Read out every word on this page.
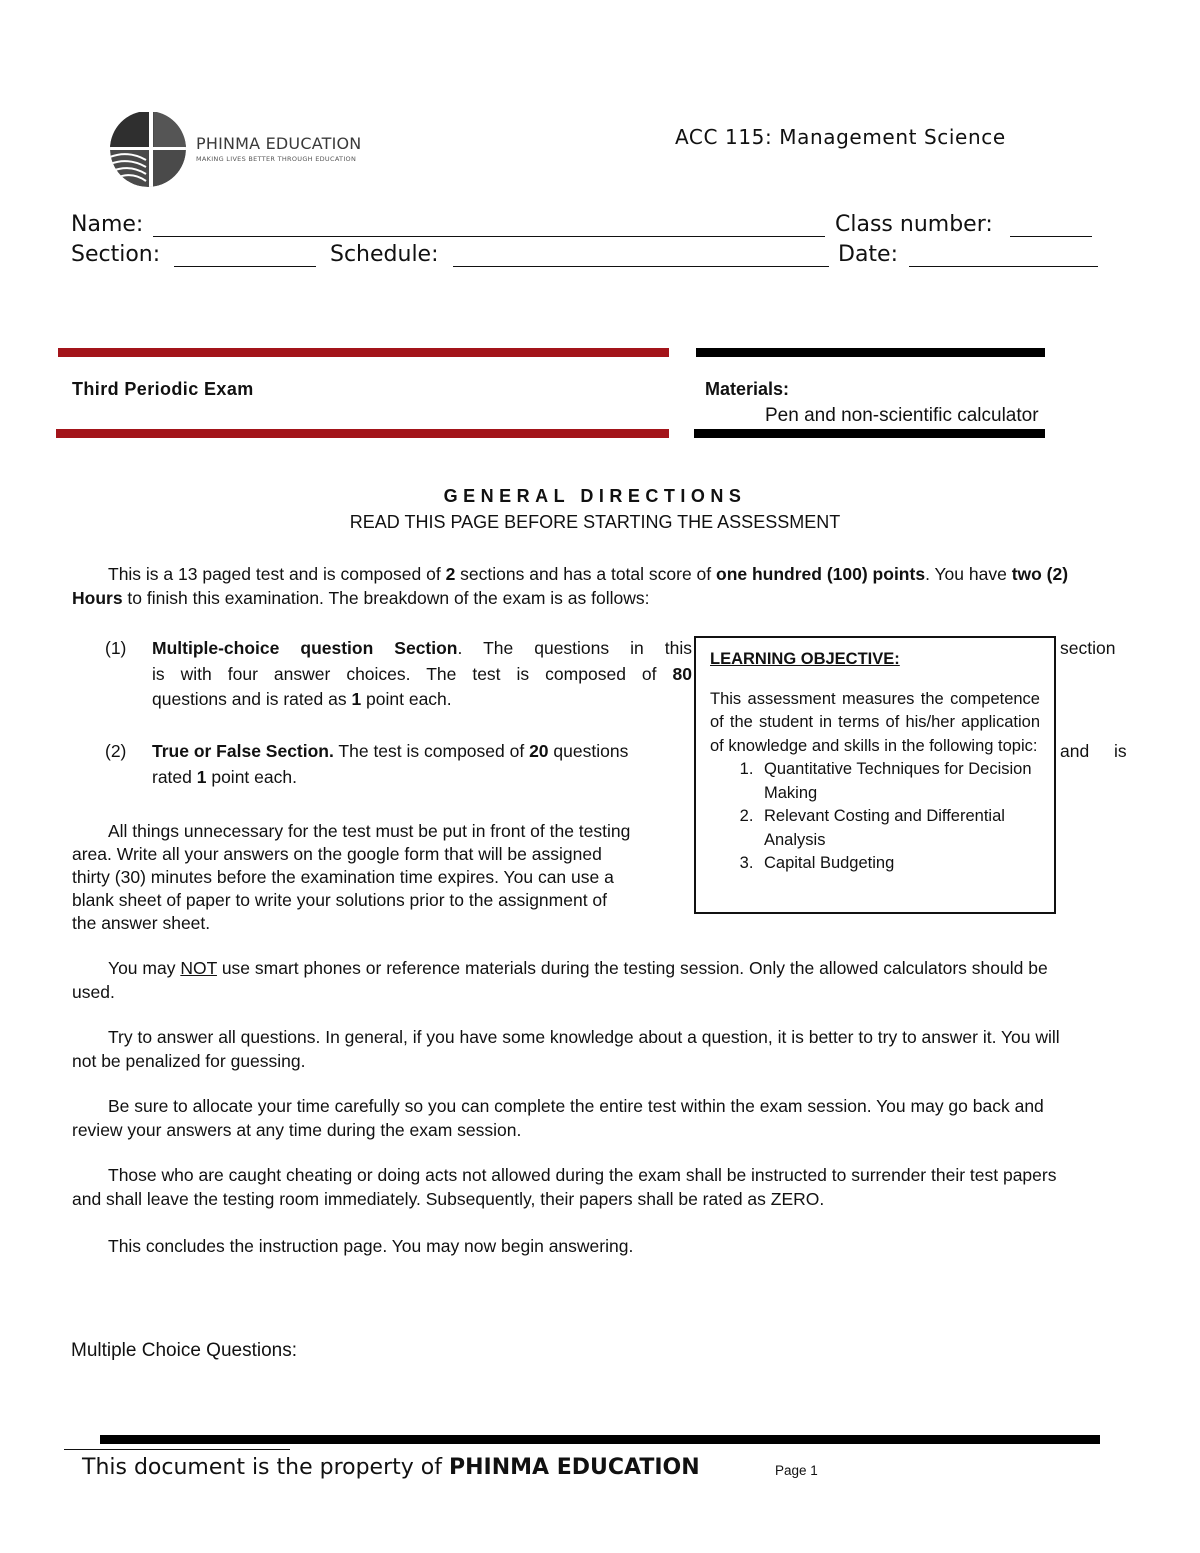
PHINMA EDUCATION
MAKING LIVES BETTER THROUGH EDUCATION
ACC 115: Management Science
Name:	Class number:
Section:	Schedule:	Date:
Third Periodic Exam	Materials:
Pen and non-scientific calculator
GENERAL DIRECTIONS
READ THIS PAGE BEFORE STARTING THE ASSESSMENT
This is a 13 paged test and is composed of 2 sections and has a total score of one hundred (100) points. You have two (2) Hours to finish this examination. The breakdown of the exam is as follows:
(1) Multiple-choice question Section. The questions in this
is with four answer choices. The test is composed of 80
questions and is rated as 1 point each.
section
(2) True or False Section. The test is composed of 20 questions
rated 1 point each.
and is
All things unnecessary for the test must be put in front of the testing
area. Write all your answers on the google form that will be assigned
thirty (30) minutes before the examination time expires. You can use a
blank sheet of paper to write your solutions prior to the assignment of
the answer sheet.
LEARNING OBJECTIVE:
This assessment measures the competence of the student in terms of his/her application of knowledge and skills in the following topic:
1. Quantitative Techniques for Decision Making
2. Relevant Costing and Differential Analysis
3. Capital Budgeting
You may NOT use smart phones or reference materials during the testing session. Only the allowed calculators should be used.
Try to answer all questions. In general, if you have some knowledge about a question, it is better to try to answer it. You will not be penalized for guessing.
Be sure to allocate your time carefully so you can complete the entire test within the exam session. You may go back and review your answers at any time during the exam session.
Those who are caught cheating or doing acts not allowed during the exam shall be instructed to surrender their test papers and shall leave the testing room immediately. Subsequently, their papers shall be rated as ZERO.
This concludes the instruction page. You may now begin answering.
Multiple Choice Questions:
This document is the property of PHINMA EDUCATION	Page 1
